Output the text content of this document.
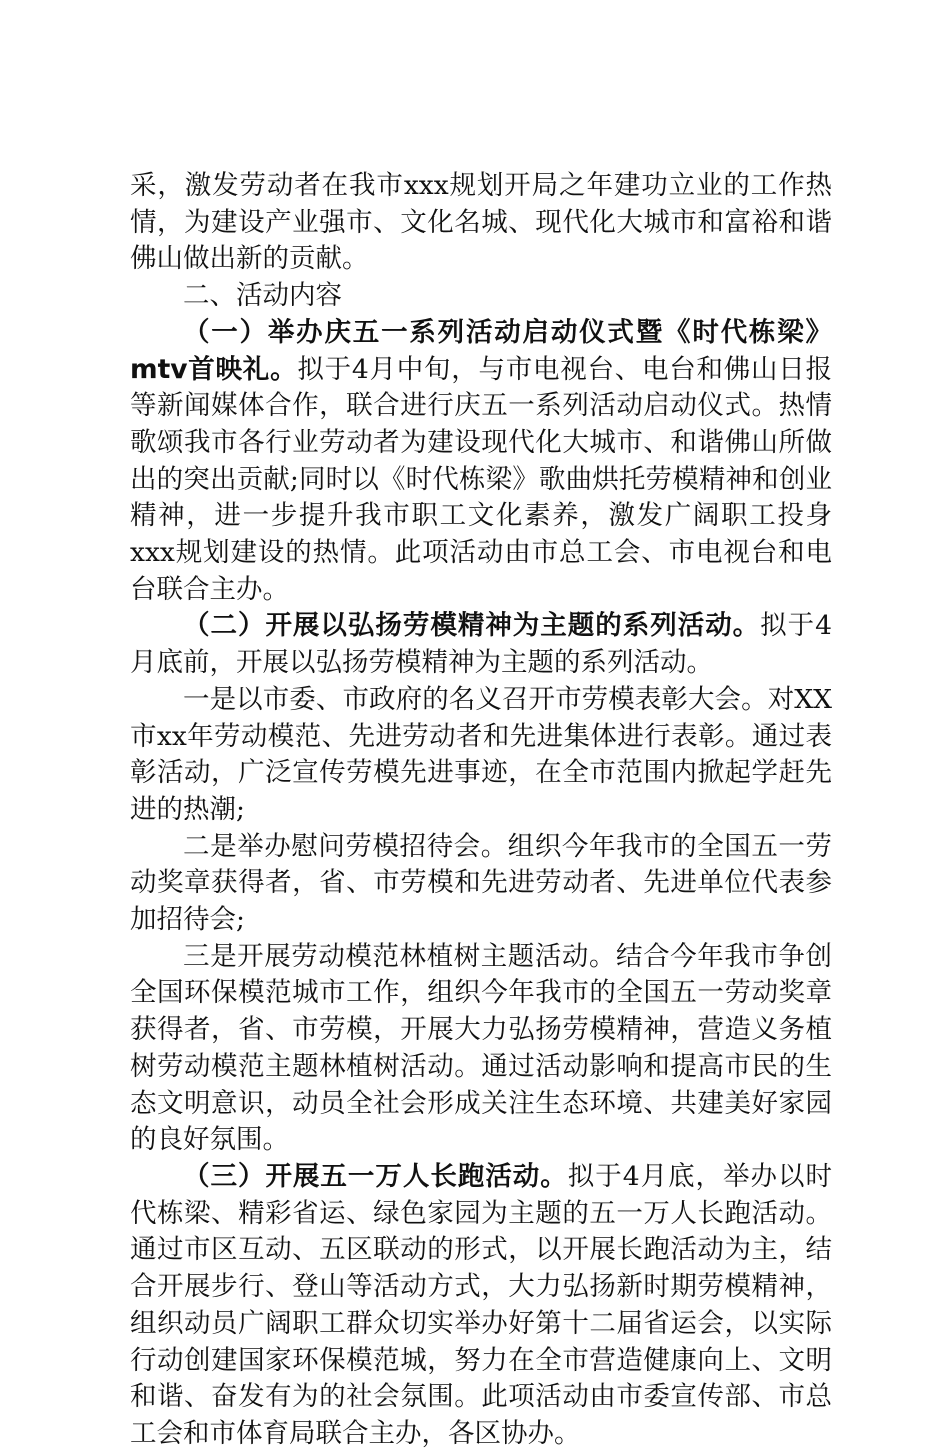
采，激发劳动者在我市xxx规划开局之年建功立业的工作热情，为建设产业强市、文化名城、现代化大城市和富裕和谐佛山做出新的贡献。

二、活动内容

（一）举办庆五一系列活动启动仪式暨《时代栋梁》mtv首映礼。拟于4月中旬，与市电视台、电台和佛山日报等新闻媒体合作，联合进行庆五一系列活动启动仪式。热情歌颂我市各行业劳动者为建设现代化大城市、和谐佛山所做出的突出贡献;同时以《时代栋梁》歌曲烘托劳模精神和创业精神，进一步提升我市职工文化素养，激发广阔职工投身xxx规划建设的热情。此项活动由市总工会、市电视台和电台联合主办。

（二）开展以弘扬劳模精神为主题的系列活动。拟于4月底前，开展以弘扬劳模精神为主题的系列活动。

一是以市委、市政府的名义召开市劳模表彰大会。对XX市xx年劳动模范、先进劳动者和先进集体进行表彰。通过表彰活动，广泛宣传劳模先进事迹，在全市范围内掀起学赶先进的热潮;

二是举办慰问劳模招待会。组织今年我市的全国五一劳动奖章获得者，省、市劳模和先进劳动者、先进单位代表参加招待会;

三是开展劳动模范林植树主题活动。结合今年我市争创全国环保模范城市工作，组织今年我市的全国五一劳动奖章获得者，省、市劳模，开展大力弘扬劳模精神，营造义务植树劳动模范主题林植树活动。通过活动影响和提高市民的生态文明意识，动员全社会形成关注生态环境、共建美好家园的良好氛围。

（三）开展五一万人长跑活动。拟于4月底，举办以时代栋梁、精彩省运、绿色家园为主题的五一万人长跑活动。通过市区互动、五区联动的形式，以开展长跑活动为主，结合开展步行、登山等活动方式，大力弘扬新时期劳模精神，组织动员广阔职工群众切实举办好第十二届省运会，以实际行动创建国家环保模范城，努力在全市营造健康向上、文明和谐、奋发有为的社会氛围。此项活动由市委宣传部、市总工会和市体育局联合主办，各区协办。
